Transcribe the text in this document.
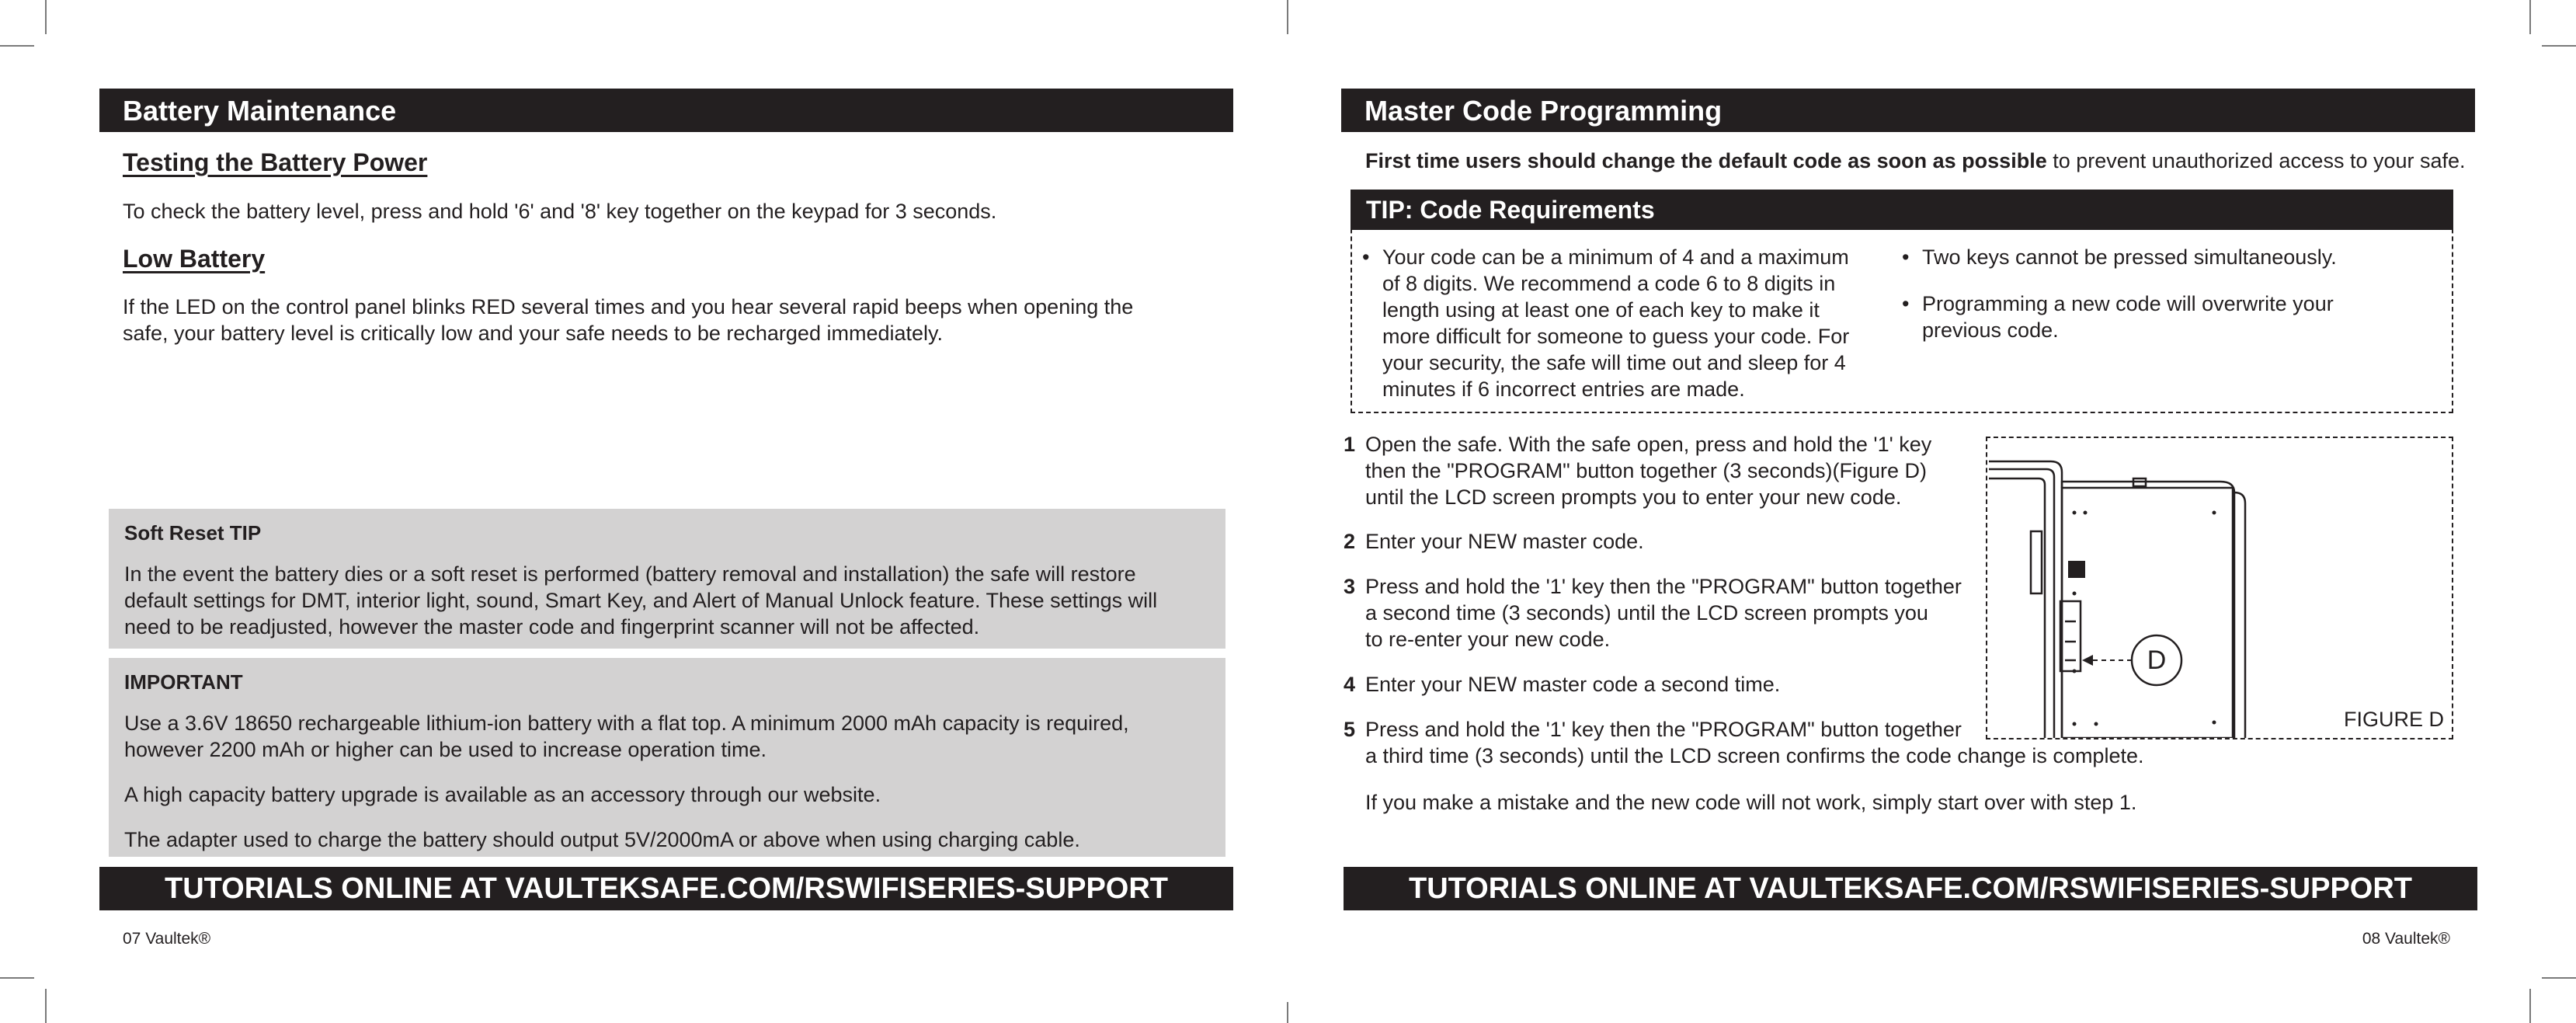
Battery Maintenance
Testing the Battery Power
To check the battery level, press and hold '6' and '8' key together on the keypad for 3 seconds.
Low Battery
If the LED on the control panel blinks RED several times and you hear several rapid beeps when opening the
safe, your battery level is critically low and your safe needs to be recharged immediately.
Soft Reset TIP
In the event the battery dies or a soft reset is performed (battery removal and installation) the safe will restore
default settings for DMT, interior light, sound, Smart Key, and Alert of Manual Unlock feature. These settings will
need to be readjusted, however the master code and fingerprint scanner will not be affected.
IMPORTANT
Use a 3.6V 18650 rechargeable lithium-ion battery with a flat top. A minimum 2000 mAh capacity is required,
however 2200 mAh or higher can be used to increase operation time.
A high capacity battery upgrade is available as an accessory through our website.
The adapter used to charge the battery should output 5V/2000mA or above when using charging cable.
TUTORIALS ONLINE AT VAULTEKSAFE.COM/RSWIFISERIES-SUPPORT
07 Vaultek®
Master Code Programming
First time users should change the default code as soon as possible to prevent unauthorized access to your safe.
TIP: Code Requirements
• Your code can be a minimum of 4 and a maximum
of 8 digits. We recommend a code 6 to 8 digits in
length using at least one of each key to make it
more difficult for someone to guess your code. For
your security, the safe will time out and sleep for 4
minutes if 6 incorrect entries are made.
• Two keys cannot be pressed simultaneously.
• Programming a new code will overwrite your
previous code.
1 Open the safe. With the safe open, press and hold the '1' key
then the "PROGRAM" button together (3 seconds)(Figure D)
until the LCD screen prompts you to enter your new code.
2 Enter your NEW master code.
3 Press and hold the '1' key then the "PROGRAM" button together
a second time (3 seconds) until the LCD screen prompts you
to re-enter your new code.
4 Enter your NEW master code a second time.
5 Press and hold the '1' key then the "PROGRAM" button together
a third time (3 seconds) until the LCD screen confirms the code change is complete.
If you make a mistake and the new code will not work, simply start over with step 1.
D
FIGURE D
TUTORIALS ONLINE AT VAULTEKSAFE.COM/RSWIFISERIES-SUPPORT
08 Vaultek®
